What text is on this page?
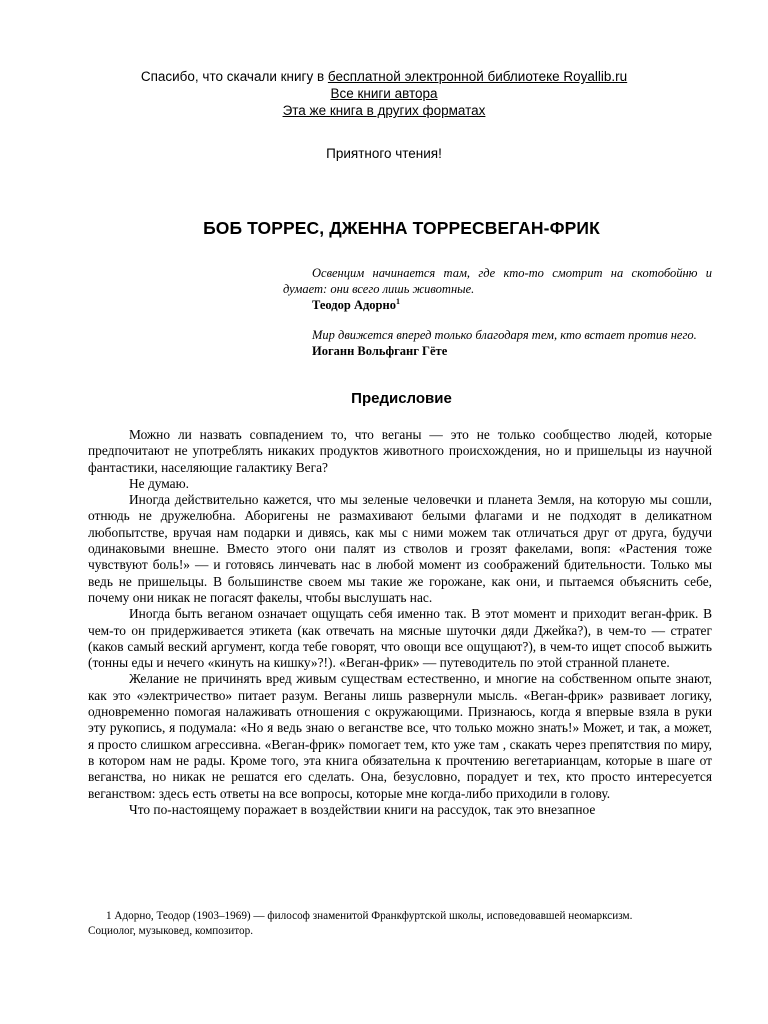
Спасибо, что скачали книгу в бесплатной электронной библиотеке Royallib.ru
Все книги автора
Эта же книга в других форматах
Приятного чтения!
БОБ ТОРРЕС, ДЖЕННА ТОРРЕСВЕГАН-ФРИК
Освенцим начинается там, где кто-то смотрит на скотобойню и думает: они всего лишь животные.
Теодор Адорно$^1$
Мир движется вперед только благодаря тем, кто встает против него.
Иоганн Вольфганг Гёте
Предисловие

Можно ли назвать совпадением то, что веганы — это не только сообщество людей, которые предпочитают не употреблять никаких продуктов животного происхождения, но и пришельцы из научной фантастики, населяющие галактику Вега?

Не думаю.

Иногда действительно кажется, что мы зеленые человечки и планета Земля, на которую мы сошли, отнюдь не дружелюбна. Аборигены не размахивают белыми флагами и не подходят в деликатном любопытстве, вручая нам подарки и дивясь, как мы с ними можем так отличаться друг от друга, будучи одинаковыми внешне. Вместо этого они палят из стволов и грозят факелами, вопя: «Растения тоже чувствуют боль!» — и готовясь линчевать нас в любой момент из соображений бдительности. Только мы ведь не пришельцы. В большинстве своем мы такие же горожане, как они, и пытаемся объяснить себе, почему они никак не погасят факелы, чтобы выслушать нас.

Иногда быть веганом означает ощущать себя именно так. В этот момент и приходит веган-фрик. В чем-то он придерживается этикета (как отвечать на мясные шуточки дяди Джейка?), в чем-то — стратег (каков самый веский аргумент, когда тебе говорят, что овощи все ощущают?), в чем-то ищет способ выжить (тонны еды и нечего «кинуть на кишку»?!). «Веган-фрик» — путеводитель по этой странной планете.

Желание не причинять вред живым существам естественно, и многие на собственном опыте знают, как это «электричество» питает разум. Веганы лишь развернули мысль. «Веган-фрик» развивает логику, одновременно помогая налаживать отношения с окружающими. Признаюсь, когда я впервые взяла в руки эту рукопись, я подумала: «Но я ведь знаю о веганстве все, что только можно знать!» Может, и так, а может, я просто слишком агрессивна. «Веган-фрик» помогает тем, кто уже там , скакать через препятствия по миру, в котором нам не рады. Кроме того, эта книга обязательна к прочтению вегетарианцам, которые в шаге от веганства, но никак не решатся его сделать. Она, безусловно, порадует и тех, кто просто интересуется веганством: здесь есть ответы на все вопросы, которые мне когда-либо приходили в голову.

Что по-настоящему поражает в воздействии книги на рассудок, так это внезапное

1 Адорно, Теодор (1903–1969) — философ знаменитой Франкфуртской школы, исповедовавшей неомарксизм.
Социолог, музыковед, композитор.
